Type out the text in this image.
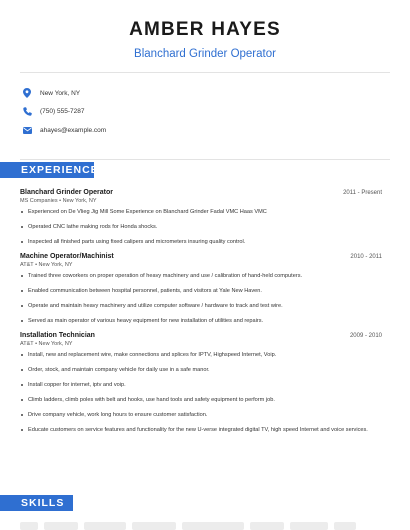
AMBER HAYES
Blanchard Grinder Operator
New York, NY
(750) 555-7287
ahayes@example.com
EXPERIENCE
Blanchard Grinder Operator	2011 - Present
MS Companies • New York, NY
Experienced on De Vlieg Jig Mill Some Experience on Blanchard Grinder Fadal VMC Haas VMC
Operated CNC lathe making rods for Honda shocks.
Inspected all finished parts using fixed calipers and micrometers insuring quality control.
Machine Operator/Machinist	2010 - 2011
AT&T • New York, NY
Trained three coworkers on proper operation of heavy machinery and use / calibration of hand-held computers.
Enabled communication between hospital personnel, patients, and visitors at Yale New Haven.
Operate and maintain heavy machinery and utilize computer software / hardware to track and test wire.
Served as main operator of various heavy equipment for new installation of utilities and repairs.
Installation Technician	2009 - 2010
AT&T • New York, NY
Install, new and replacement wire, make connections and splices for IPTV, Highspeed Internet, Voip.
Order, stock, and maintain company vehicle for daily use in a safe manor.
Install copper for internet, iptv and voip.
Climb ladders, climb poles with belt and hooks, use hand tools and safety equipment to perform job.
Drive company vehicle, work long hours to ensure customer satisfaction.
Educate customers on service features and functionality for the new U-verse integrated digital TV, high speed Internet and voice services.
SKILLS
